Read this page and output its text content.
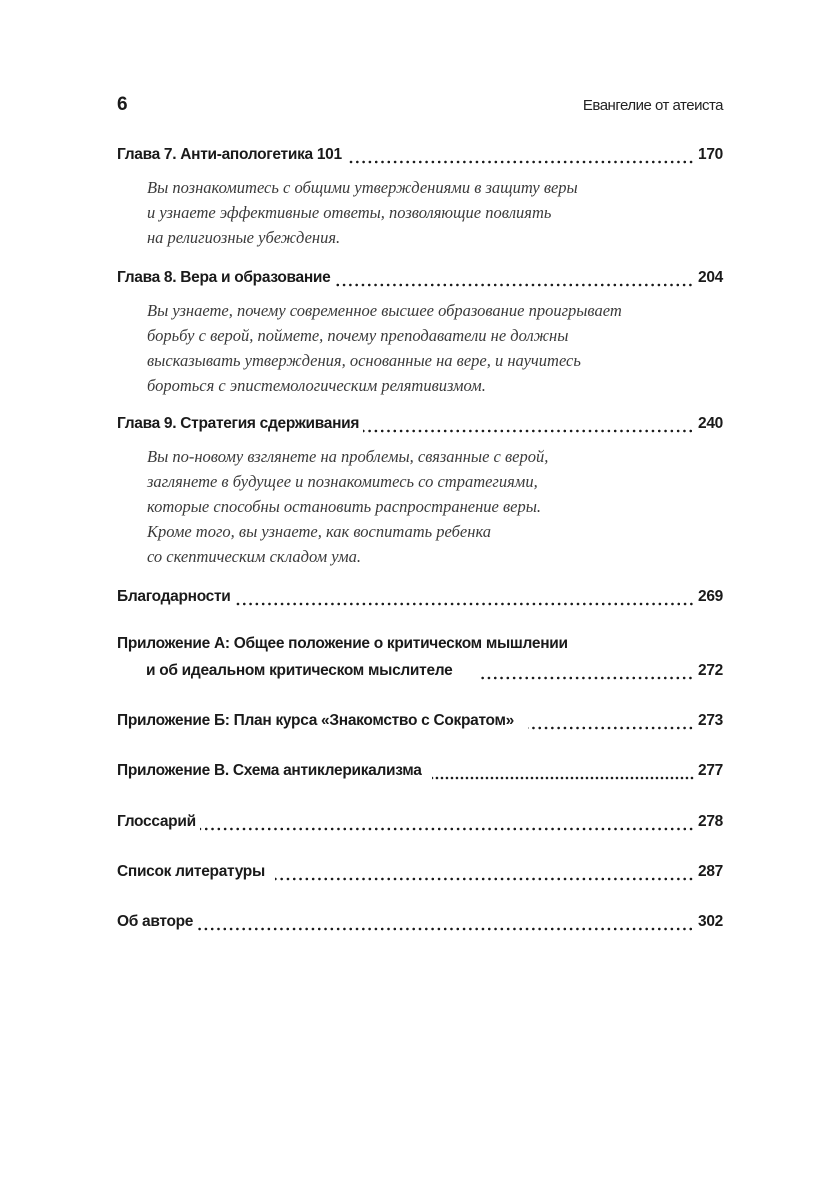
6	Евангелие от атеиста
Глава 7. Анти-апологетика 101	170
Вы познакомитесь с общими утверждениями в защиту веры
и узнаете эффективные ответы, позволяющие повлиять
на религиозные убеждения.
Глава 8. Вера и образование	204
Вы узнаете, почему современное высшее образование проигрывает
борьбу с верой, поймете, почему преподаватели не должны
высказывать утверждения, основанные на вере, и научитесь
бороться с эпистемологическим релятивизмом.
Глава 9. Стратегия сдерживания	240
Вы по-новому взглянете на проблемы, связанные с верой,
заглянете в будущее и познакомитесь со стратегиями,
которые способны остановить распространение веры.
Кроме того, вы узнаете, как воспитать ребенка
со скептическим складом ума.
Благодарности	269
Приложение А: Общее положение о критическом мышлении
и об идеальном критическом мыслителе	272
Приложение Б: План курса «Знакомство с Сократом»	273
Приложение В. Схема антиклерикализма	277
Глоссарий	278
Список литературы	287
Об авторе	302
